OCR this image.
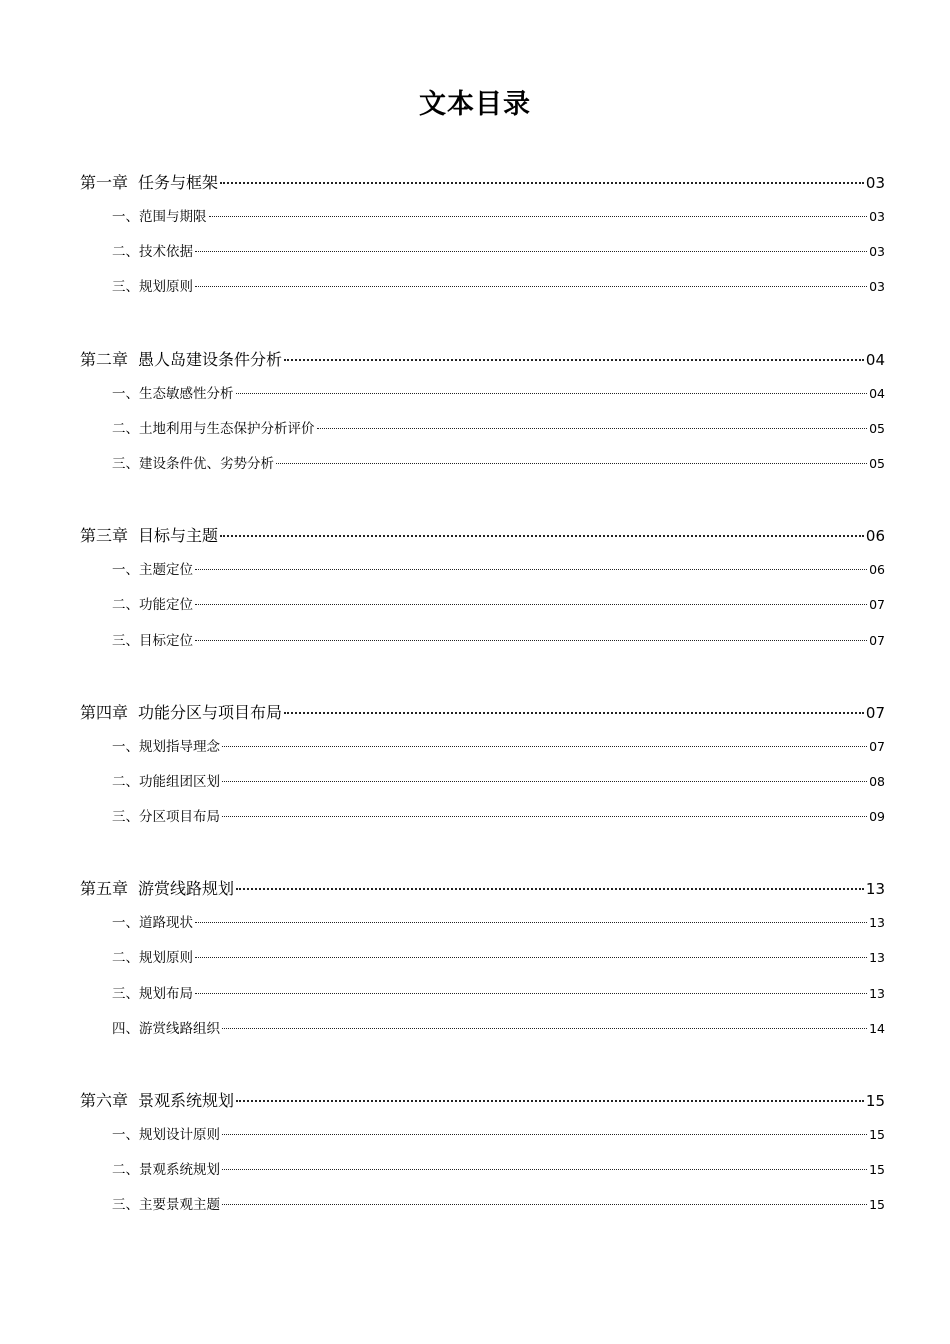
文本目录
第一章 任务与框架	03
一、范围与期限	03
二、技术依据	03
三、规划原则	03
第二章 愚人岛建设条件分析	04
一、生态敏感性分析	04
二、土地利用与生态保护分析评价	05
三、建设条件优、劣势分析	05
第三章 目标与主题	06
一、主题定位	06
二、功能定位	07
三、目标定位	07
第四章 功能分区与项目布局	07
一、规划指导理念	07
二、功能组团区划	08
三、分区项目布局	09
第五章 游赏线路规划	13
一、道路现状	13
二、规划原则	13
三、规划布局	13
四、游赏线路组织	14
第六章 景观系统规划	15
一、规划设计原则	15
二、景观系统规划	15
三、主要景观主题	15
